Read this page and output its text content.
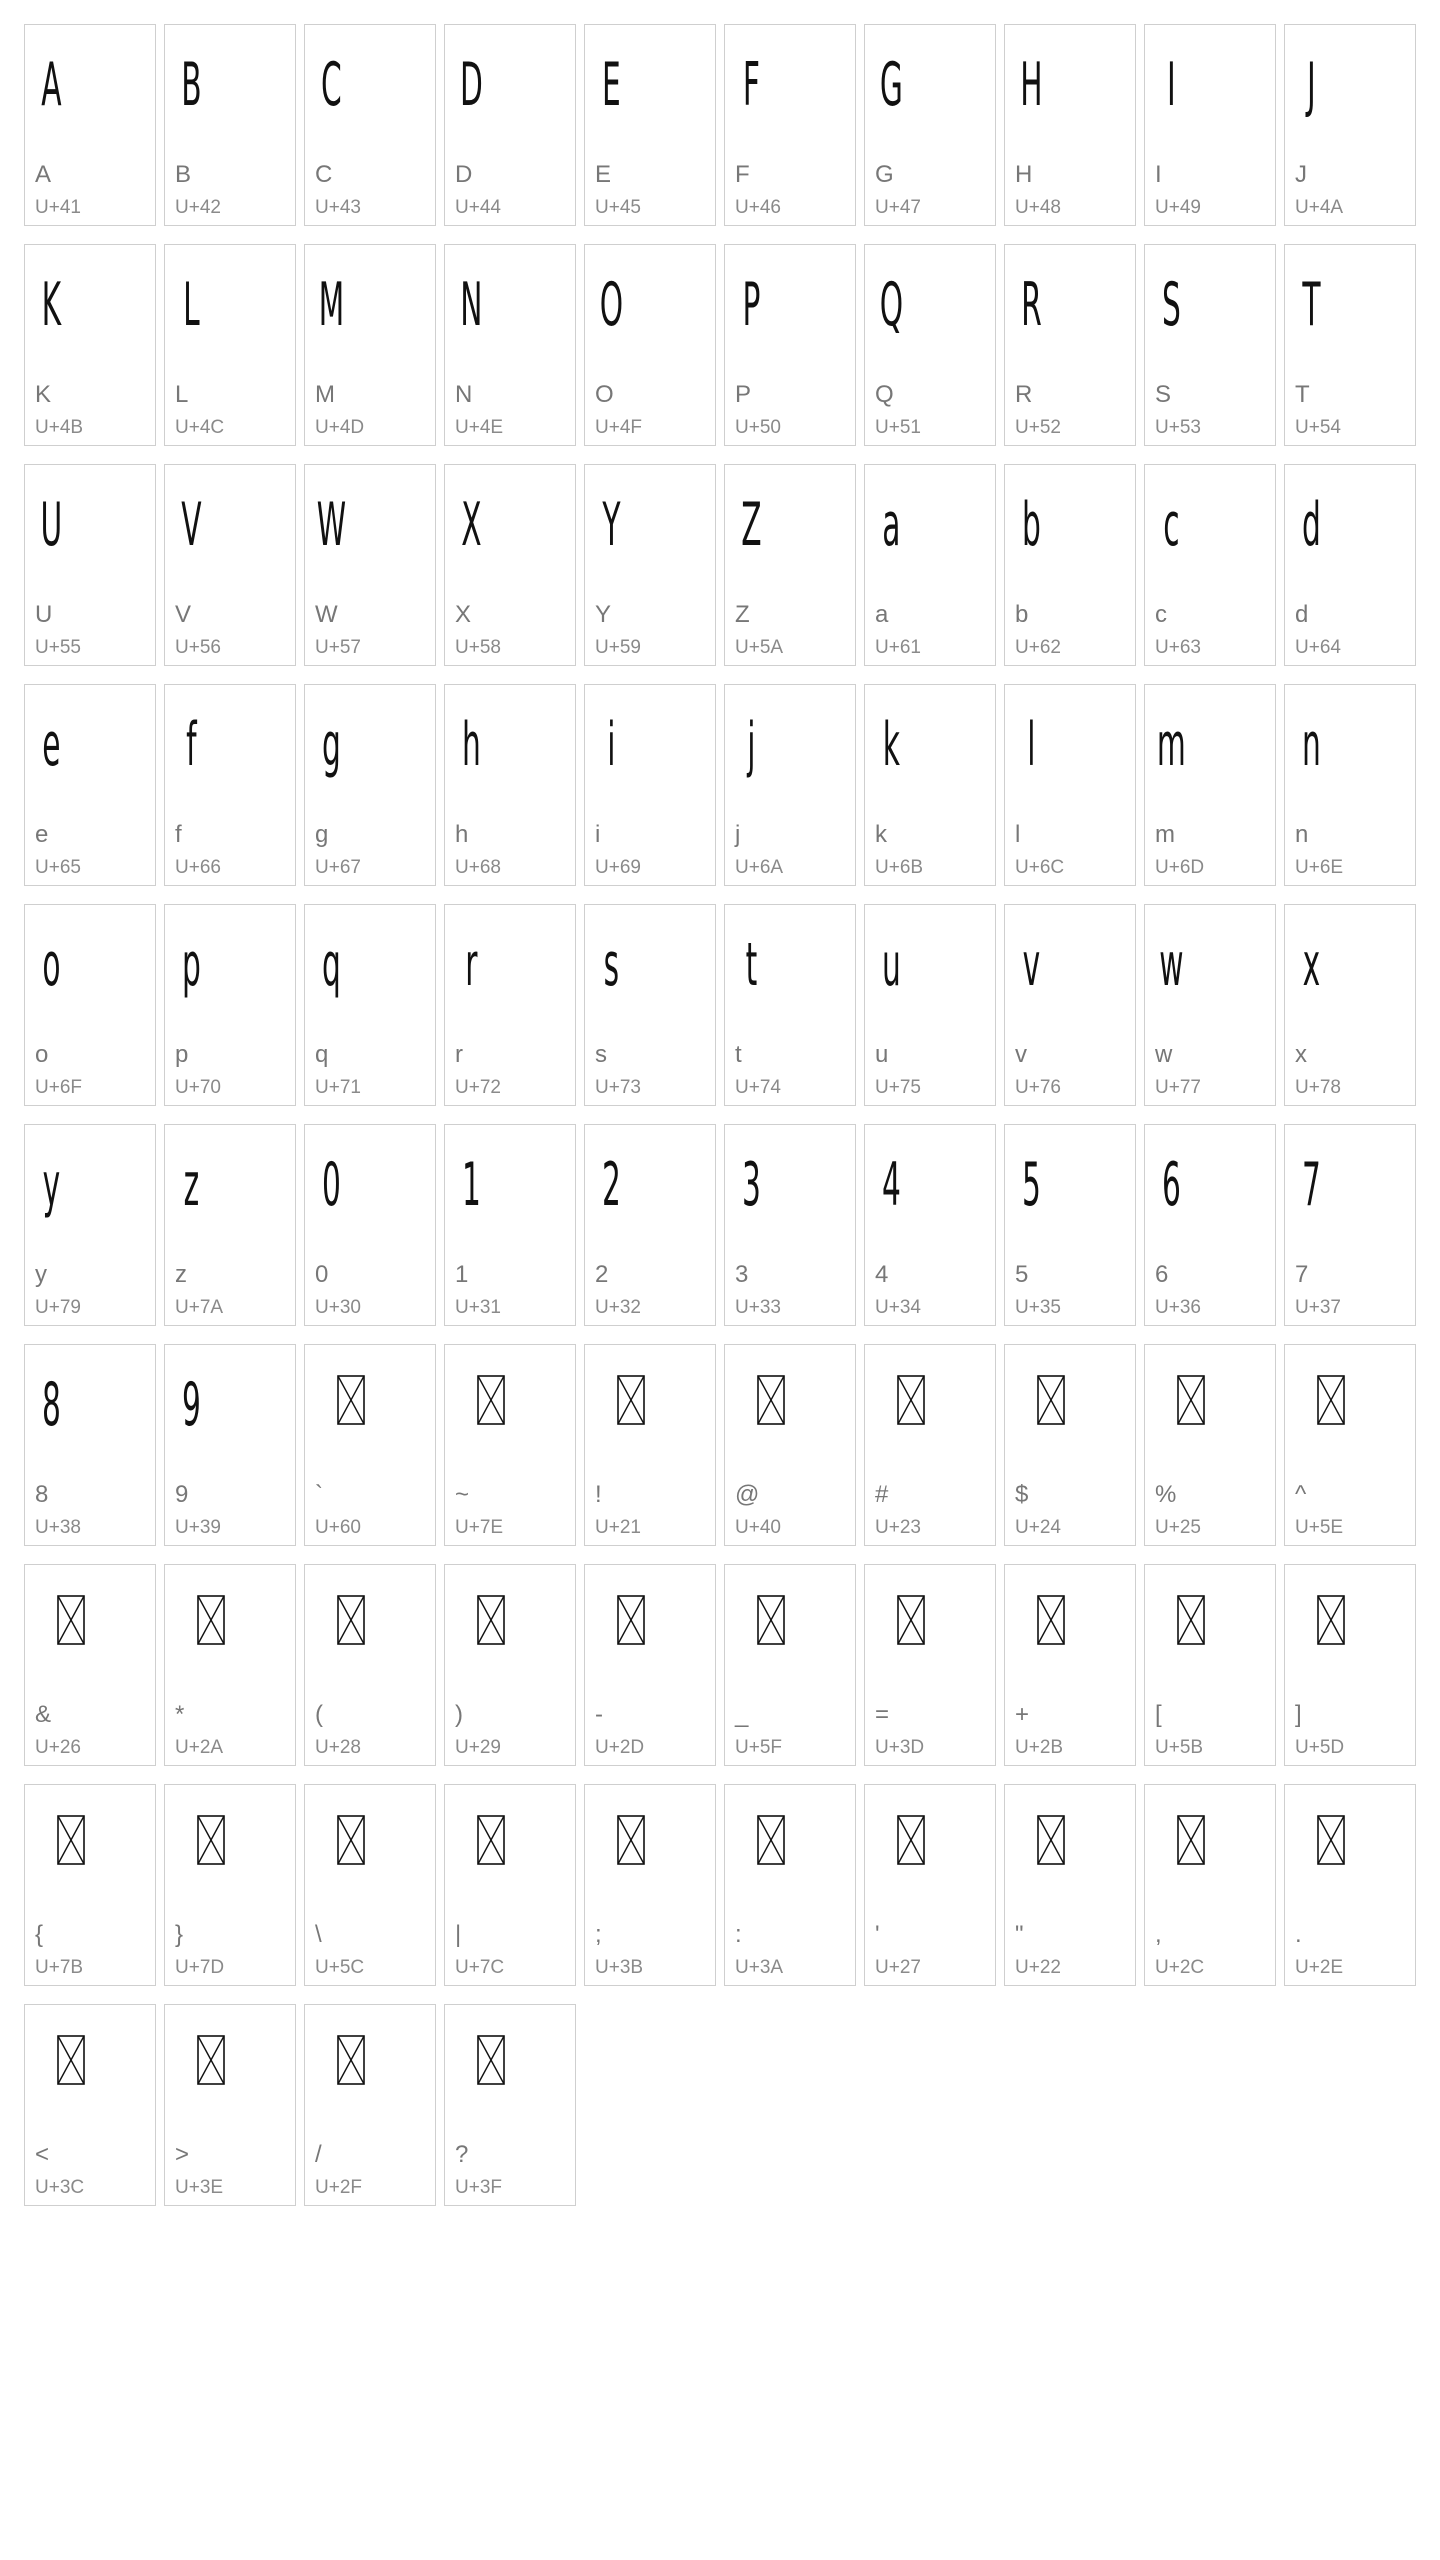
A
A
U+41
B
B
U+42
C
C
U+43
D
D
U+44
E
E
U+45
F
F
U+46
G
G
U+47
H
H
U+48
I
I
U+49
J
J
U+4A
K
K
U+4B
L
L
U+4C
M
M
U+4D
N
N
U+4E
O
O
U+4F
P
P
U+50
Q
Q
U+51
R
R
U+52
S
S
U+53
T
T
U+54
U
U
U+55
V
V
U+56
W
W
U+57
X
X
U+58
Y
Y
U+59
Z
Z
U+5A
a
a
U+61
b
b
U+62
c
c
U+63
d
d
U+64
e
e
U+65
f
f
U+66
g
g
U+67
h
h
U+68
i
i
U+69
j
j
U+6A
k
k
U+6B
l
l
U+6C
m
m
U+6D
n
n
U+6E
o
o
U+6F
p
p
U+70
q
q
U+71
r
r
U+72
s
s
U+73
t
t
U+74
u
u
U+75
v
v
U+76
w
w
U+77
x
x
U+78
y
y
U+79
z
z
U+7A
0
0
U+30
1
1
U+31
2
2
U+32
3
3
U+33
4
4
U+34
5
5
U+35
6
6
U+36
7
7
U+37
8
8
U+38
9
9
U+39
`
U+60
~
U+7E
!
U+21
@
U+40
#
U+23
$
U+24
%
U+25
^
U+5E
&
U+26
*
U+2A
(
U+28
)
U+29
-
U+2D
_
U+5F
=
U+3D
+
U+2B
[
U+5B
]
U+5D
{
U+7B
}
U+7D
\
U+5C
|
U+7C
;
U+3B
:
U+3A
'
U+27
"
U+22
,
U+2C
.
U+2E
<
U+3C
>
U+3E
/
U+2F
?
U+3F
